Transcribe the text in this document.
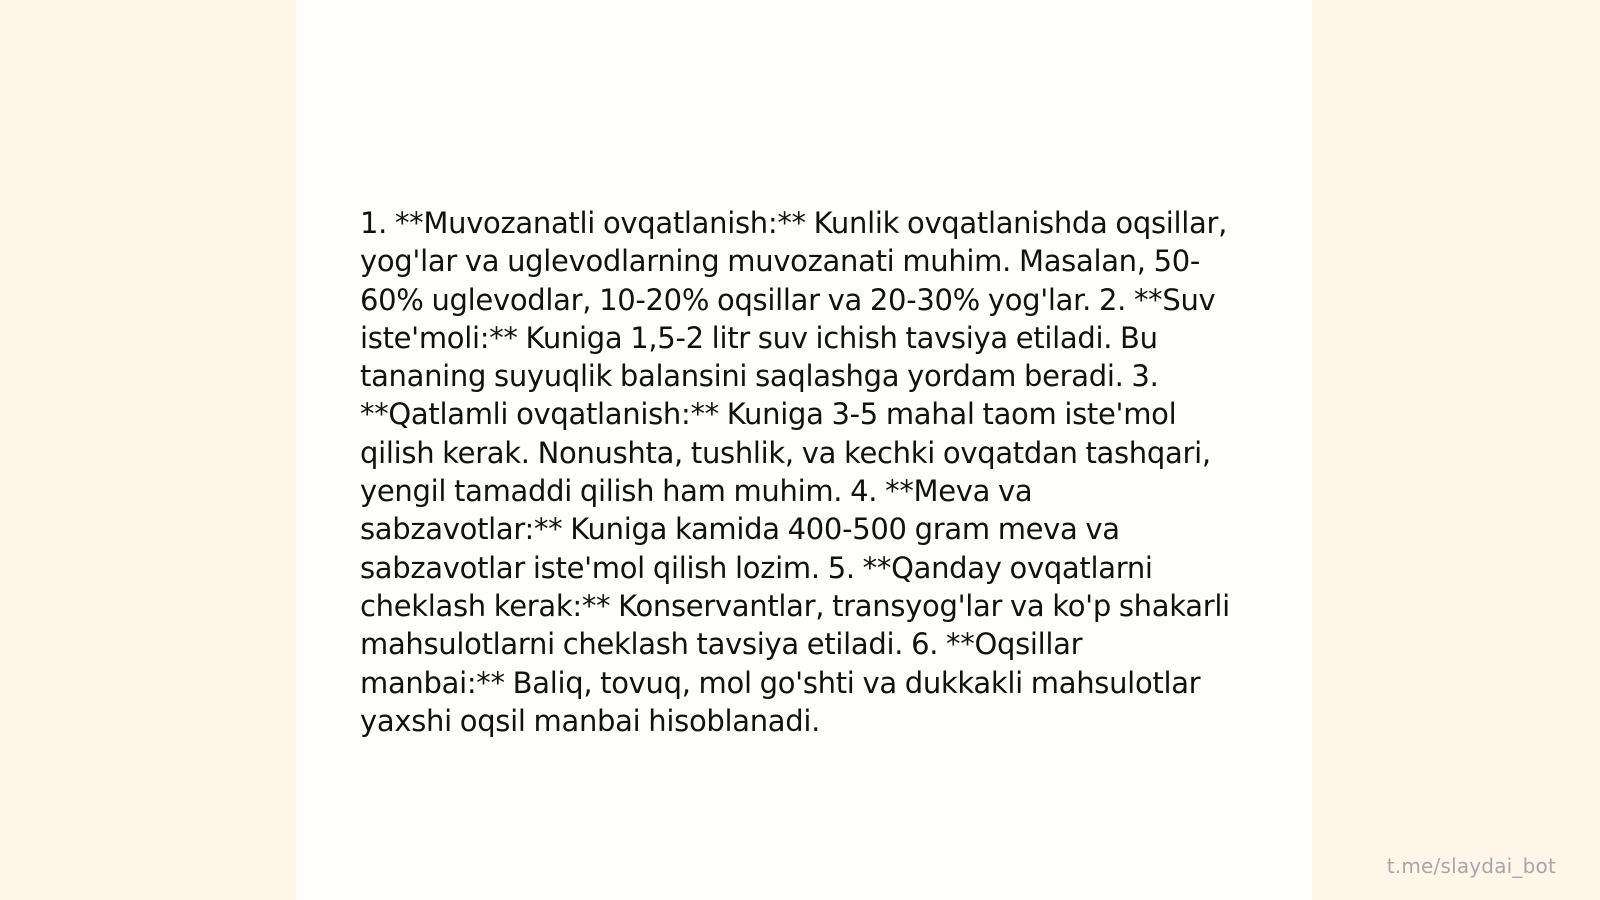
1. **Muvozanatli ovqatlanish:** Kunlik ovqatlanishda oqsillar, yog'lar va uglevodlarning muvozanati muhim. Masalan, 50-60% uglevodlar, 10-20% oqsillar va 20-30% yog'lar. 2. **Suv iste'moli:** Kuniga 1,5-2 litr suv ichish tavsiya etiladi. Bu tananing suyuqlik balansini saqlashga yordam beradi. 3. **Qatlamli ovqatlanish:** Kuniga 3-5 mahal taom iste'mol qilish kerak. Nonushta, tushlik, va kechki ovqatdan tashqari, yengil tamaddi qilish ham muhim. 4. **Meva va sabzavotlar:** Kuniga kamida 400-500 gram meva va sabzavotlar iste'mol qilish lozim. 5. **Qanday ovqatlarni cheklash kerak:** Konservantlar, transyog'lar va ko'p shakarli mahsulotlarni cheklash tavsiya etiladi. 6. **Oqsillar manbai:** Baliq, tovuq, mol go'shti va dukkakli mahsulotlar yaxshi oqsil manbai hisoblanadi.

t.me/slaydai_bot
